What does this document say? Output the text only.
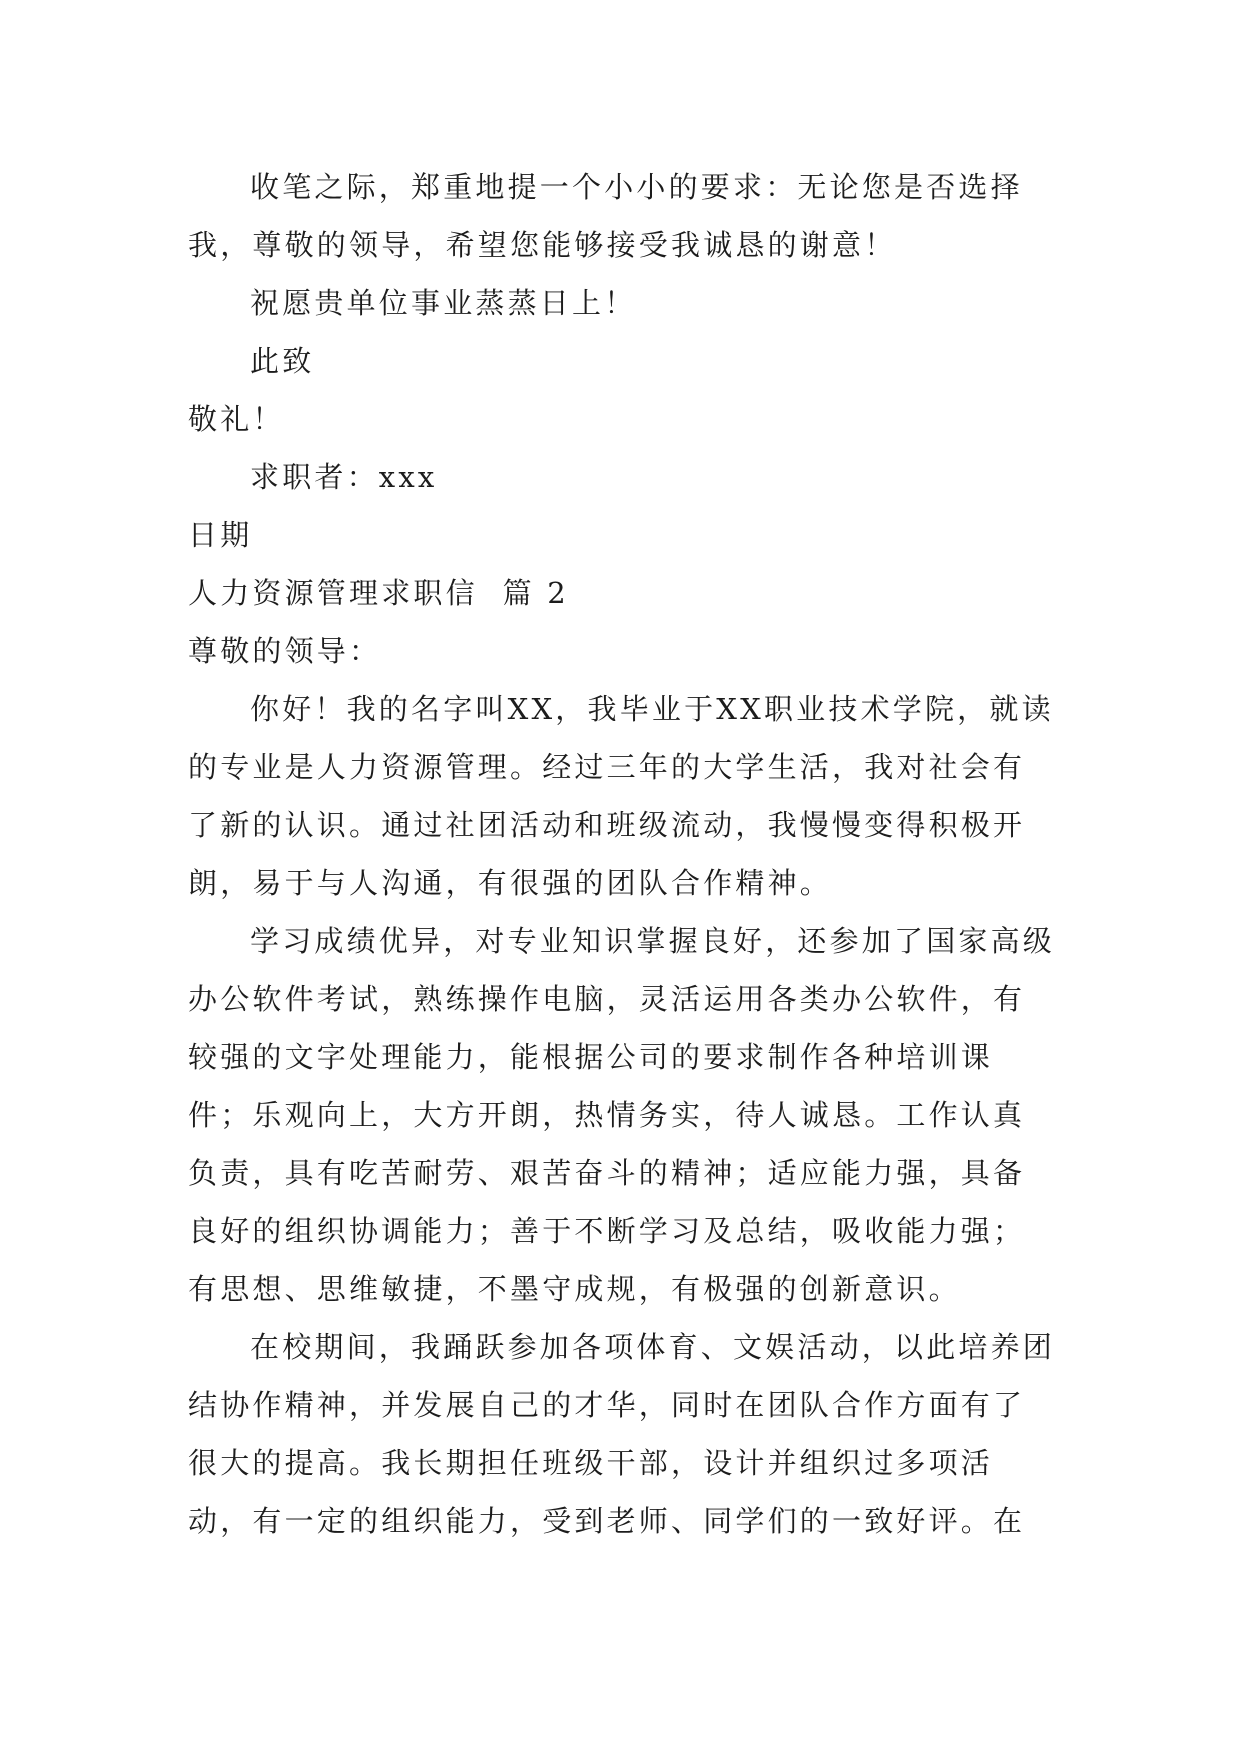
收笔之际，郑重地提一个小小的要求：无论您是否选择我，尊敬的领导，希望您能够接受我诚恳的谢意！

祝愿贵单位事业蒸蒸日上！

此致

敬礼！

求职者：xxx

日期

人力资源管理求职信  篇 2

尊敬的领导：

你好！我的名字叫XX，我毕业于XX职业技术学院，就读的专业是人力资源管理。经过三年的大学生活，我对社会有了新的认识。通过社团活动和班级流动，我慢慢变得积极开朗，易于与人沟通，有很强的团队合作精神。

学习成绩优异，对专业知识掌握良好，还参加了国家高级办公软件考试，熟练操作电脑，灵活运用各类办公软件，有较强的文字处理能力，能根据公司的要求制作各种培训课件；乐观向上，大方开朗，热情务实，待人诚恳。工作认真负责，具有吃苦耐劳、艰苦奋斗的精神；适应能力强，具备良好的组织协调能力；善于不断学习及总结，吸收能力强；有思想、思维敏捷，不墨守成规，有极强的创新意识。

在校期间，我踊跃参加各项体育、文娱活动，以此培养团结协作精神，并发展自己的才华，同时在团队合作方面有了很大的提高。我长期担任班级干部，设计并组织过多项活动，有一定的组织能力，受到老师、同学们的一致好评。在
